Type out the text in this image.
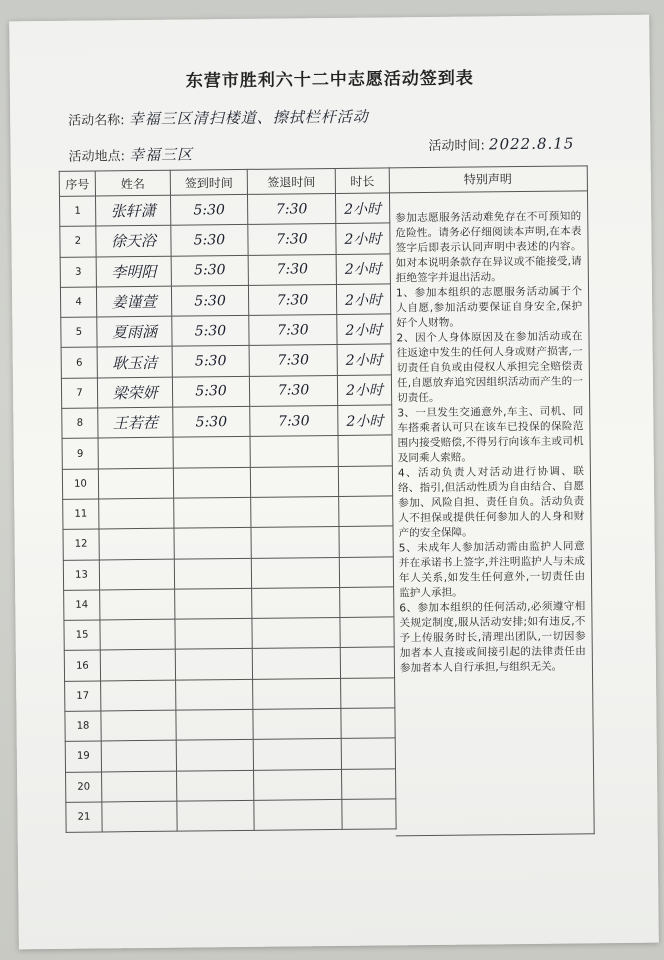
东营市胜利六十二中志愿活动签到表
活动名称: 幸福三区清扫楼道、擦拭栏杆活动
活动地点: 幸福三区	活动时间: 2022.8.15
序号	姓名	签到时间	签退时间	时长
1	张轩潇	5:30	7:30	2小时
2	徐天浴	5:30	7:30	2小时
3	李明阳	5:30	7:30	2小时
4	姜谨萱	5:30	7:30	2小时
5	夏雨涵	5:30	7:30	2小时
6	耿玉洁	5:30	7:30	2小时
7	梁荣妍	5:30	7:30	2小时
8	王若茬	5:30	7:30	2小时
9				
10				
11				
12				
13				
14				
15				
16				
17				
18				
19				
20				
21				
特别声明

参加志愿服务活动难免存在不可预知的危险性。请务必仔细阅读本声明,在本表签字后即表示认同声明中表述的内容。如对本说明条款存在异议或不能接受,请拒绝签字并退出活动。

1、参加本组织的志愿服务活动属于个人自愿,参加活动要保证自身安全,保护好个人财物。

2、因个人身体原因及在参加活动或在往返途中发生的任何人身或财产损害,一切责任自负或由侵权人承担完全赔偿责任,自愿放弃追究因组织活动而产生的一切责任。

3、一旦发生交通意外,车主、司机、同车搭乘者认可只在该车已投保的保险范围内接受赔偿,不得另行向该车主或司机及同乘人索赔。

4、活动负责人对活动进行协调、联络、指引,但活动性质为自由结合、自愿参加、风险自担、责任自负。活动负责人不担保或提供任何参加人的人身和财产的安全保障。

5、未成年人参加活动需由监护人同意并在承诺书上签字,并注明监护人与未成年人关系,如发生任何意外,一切责任由监护人承担。

6、参加本组织的任何活动,必须遵守相关规定制度,服从活动安排;如有违反,不予上传服务时长,清理出团队,一切因参加者本人直接或间接引起的法律责任由参加者本人自行承担,与组织无关。
